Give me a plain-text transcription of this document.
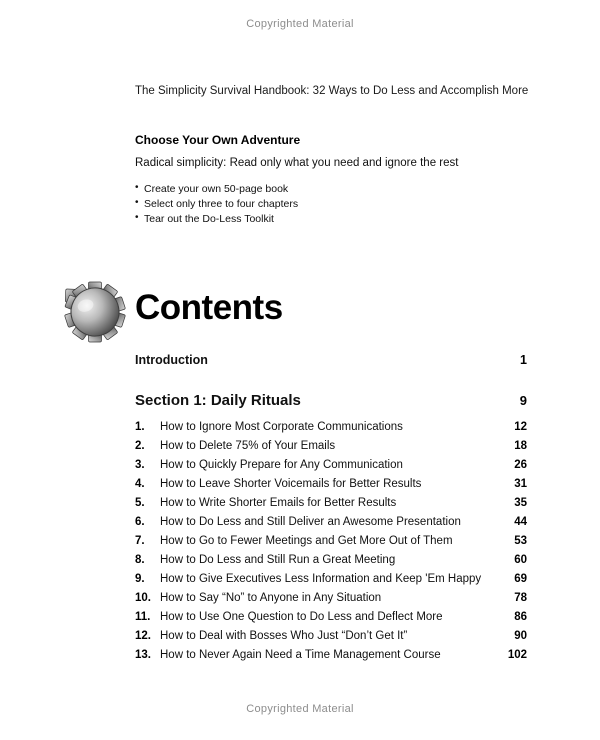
Copyrighted Material
The Simplicity Survival Handbook: 32 Ways to Do Less and Accomplish More
Choose Your Own Adventure
Radical simplicity: Read only what you need and ignore the rest
• Create your own 50-page book
• Select only three to four chapters
• Tear out the Do-Less Toolkit
Contents
Introduction	1
Section 1: Daily Rituals	9
1.	How to Ignore Most Corporate Communications	12
2.	How to Delete 75% of Your Emails	18
3.	How to Quickly Prepare for Any Communication	26
4.	How to Leave Shorter Voicemails for Better Results	31
5.	How to Write Shorter Emails for Better Results	35
6.	How to Do Less and Still Deliver an Awesome Presentation	44
7.	How to Go to Fewer Meetings and Get More Out of Them	53
8.	How to Do Less and Still Run a Great Meeting	60
9.	How to Give Executives Less Information and Keep 'Em Happy	69
10. How to Say “No” to Anyone in Any Situation	78
11. How to Use One Question to Do Less and Deflect More	86
12. How to Deal with Bosses Who Just “Don’t Get It”	90
13. How to Never Again Need a Time Management Course	102
Copyrighted Material
